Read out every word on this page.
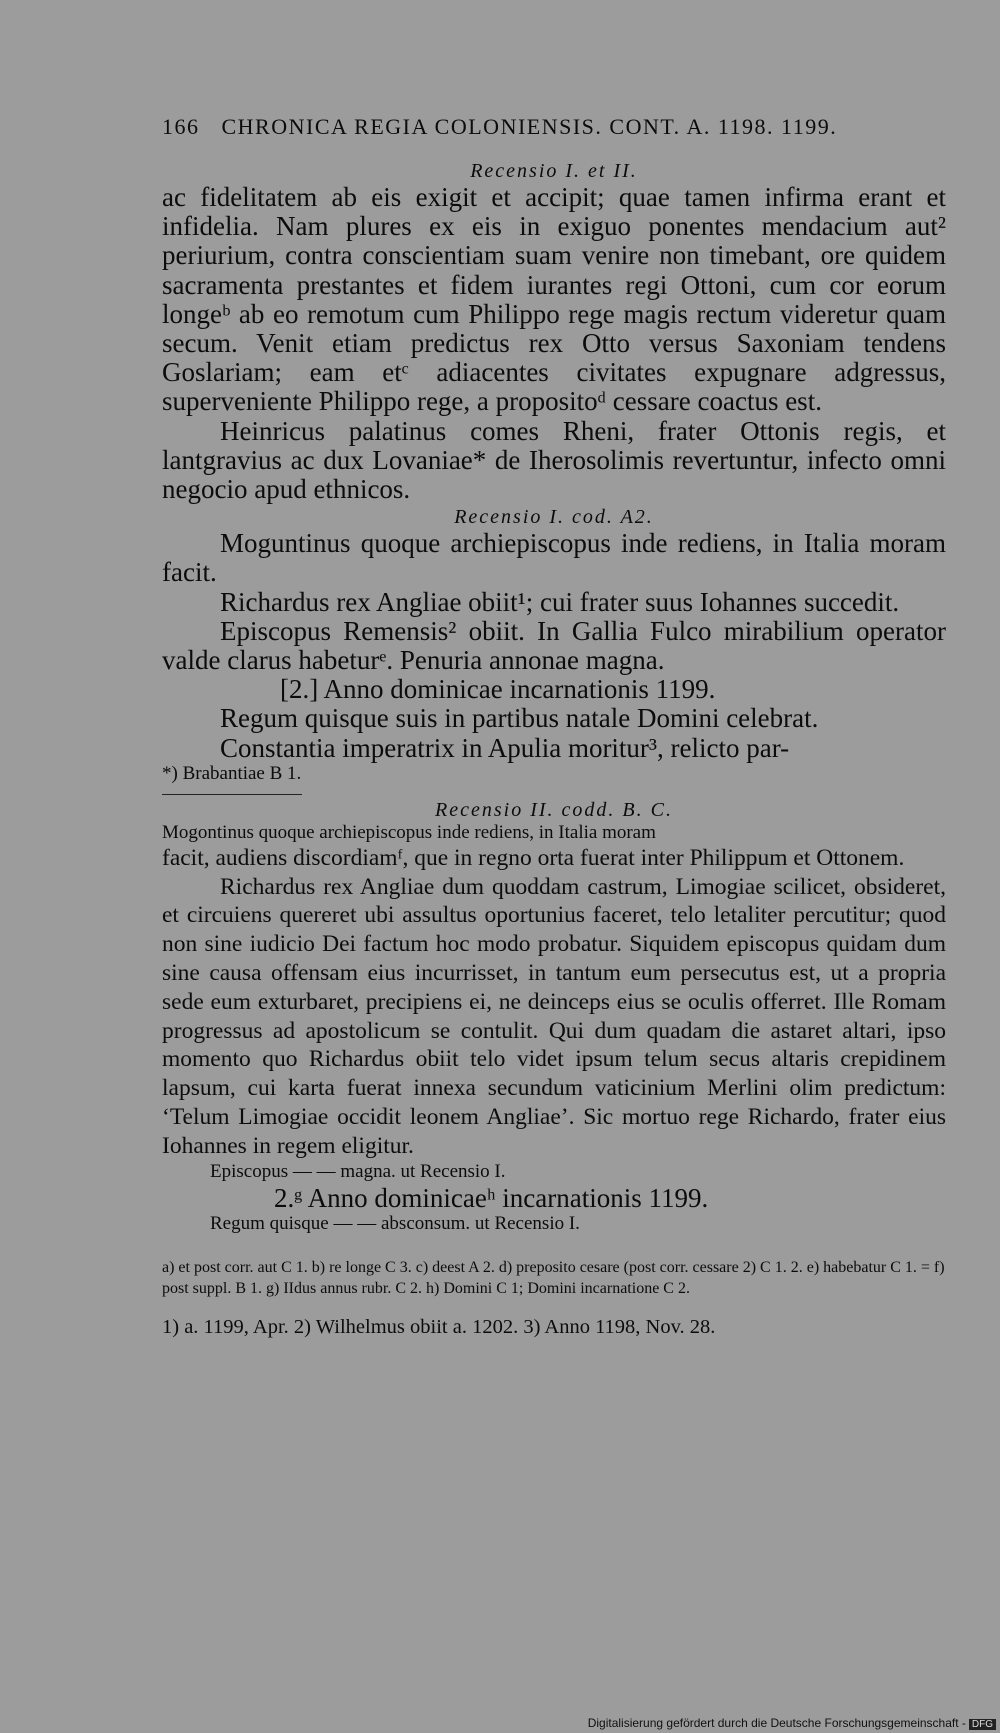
166 CHRONICA REGIA COLONIENSIS. CONT. A. 1198. 1199.
Recensio I. et II.

ac fidelitatem ab eis exigit et accipit; quae tamen infirma erant et infidelia. Nam plures ex eis in exiguo ponentes mendacium aut² periurium, contra conscientiam suam venire non timebant, ore quidem sacramenta prestantes et fidem iurantes regi Ottoni, cum cor eorum longeᵇ ab eo remotum cum Philippo rege magis rectum videretur quam secum. Venit etiam predictus rex Otto versus Saxoniam tendens Goslariam; eam etᶜ adiacentes civitates expugnare adgressus, superveniente Philippo rege, a propositoᵈ cessare coactus est.

Heinricus palatinus comes Rheni, frater Ottonis regis, et lantgravius ac dux Lovaniae* de Iherosolimis revertuntur, infecto omni negocio apud ethnicos.

Recensio I. cod. A2.

Moguntinus quoque archiepiscopus inde rediens, in Italia moram facit.

Richardus rex Angliae obiit¹; cui frater suus Iohannes succedit.

Episcopus Remensis² obiit. In Gallia Fulco mirabilium operator valde clarus habeturᵉ. Penuria annonae magna.

[2.] Anno dominicae incarnationis 1199.

Regum quisque suis in partibus natale Domini celebrat.

Constantia imperatrix in Apulia moritur³, relicto par-

*) Brabantiae B 1.
Recensio II. codd. B. C.

Mogontinus quoque archiepiscopus inde rediens, in Italia moram

facit, audiens discordiamᶠ, que in regno orta fuerat inter Philippum et Ottonem.

Richardus rex Angliae dum quoddam castrum, Limogiae scilicet, obsideret, et circuiens quereret ubi assultus oportunius faceret, telo letaliter percutitur; quod non sine iudicio Dei factum hoc modo probatur. Siquidem episcopus quidam dum sine causa offensam eius incurrisset, in tantum eum persecutus est, ut a propria sede eum exturbaret, precipiens ei, ne deinceps eius se oculis offerret. Ille Romam progressus ad apostolicum se contulit. Qui dum quadam die astaret altari, ipso momento quo Richardus obiit telo videt ipsum telum secus altaris crepidinem lapsum, cui karta fuerat innexa secundum vaticinium Merlini olim predictum: ‘Telum Limogiae occidit leonem Angliae’. Sic mortuo rege Richardo, frater eius Iohannes in regem eligitur.

Episcopus — — magna. ut Recensio I.
2.ᵍ Anno dominicaeʰ incarnationis 1199.
Regum quisque — — absconsum. ut Recensio I.
a) et post corr. aut C 1. b) re longe C 3. c) deest A 2. d) preposito cesare (post corr. cessare 2) C 1. 2. e) habebatur C 1. = f) post suppl. B 1. g) IIdus annus rubr. C 2. h) Domini C 1; Domini incarnatione C 2.
1) a. 1199, Apr. 2) Wilhelmus obiit a. 1202. 3) Anno 1198, Nov. 28.
Digitalisierung gefördert durch die Deutsche Forschungsgemeinschaft - DFG
